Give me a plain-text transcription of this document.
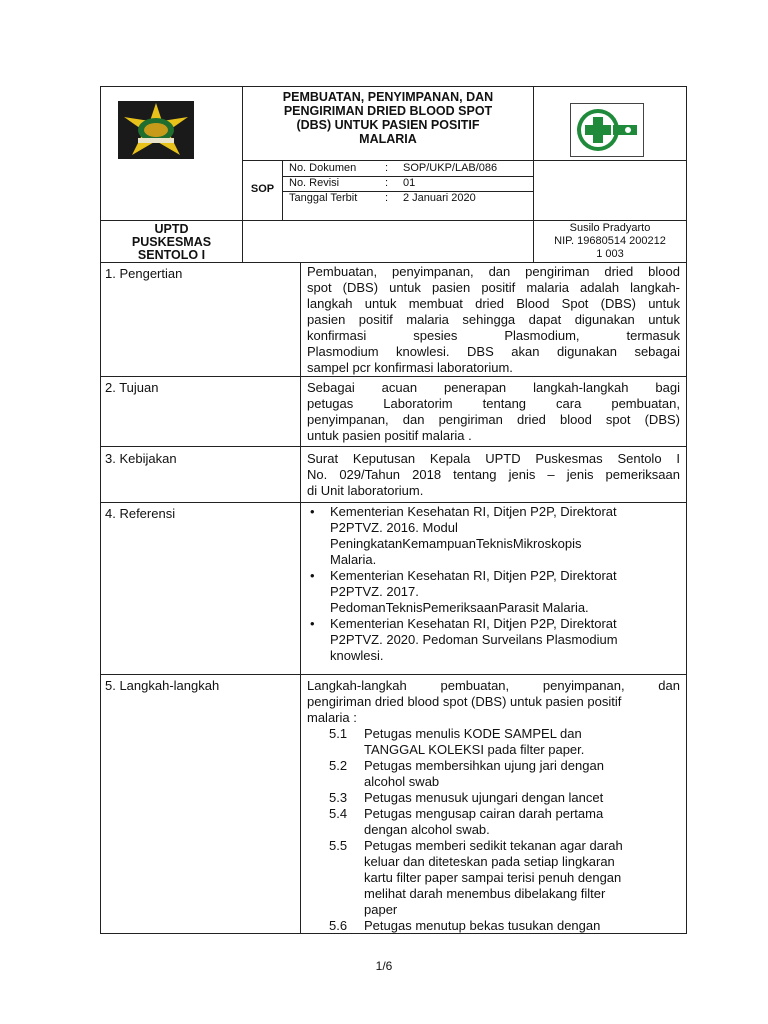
PEMBUATAN, PENYIMPANAN, DAN
PENGIRIMAN DRIED BLOOD SPOT
(DBS) UNTUK PASIEN POSITIF
MALARIA
SOP
No. Dokumen	: SOP/UKP/LAB/086
No. Revisi	: 01
Tanggal Terbit	: 2 Januari 2020
UPTD
PUSKESMAS
SENTOLO I
Susilo Pradyarto
NIP. 19680514 200212
1 003
1. Pengertian	Pembuatan, penyimpanan, dan pengiriman dried blood
spot (DBS) untuk pasien positif malaria adalah langkah-
langkah untuk membuat dried Blood Spot (DBS) untuk
pasien positif malaria sehingga dapat digunakan untuk
konfirmasi spesies Plasmodium, termasuk
Plasmodium knowlesi. DBS akan digunakan sebagai
sampel pcr konfirmasi laboratorium.
2. Tujuan	Sebagai acuan penerapan langkah-langkah bagi
petugas Laboratorim tentang cara pembuatan,
penyimpanan, dan pengiriman dried blood spot (DBS)
untuk pasien positif malaria .
3. Kebijakan	Surat Keputusan Kepala UPTD Puskesmas Sentolo I
No. 029/Tahun 2018 tentang jenis – jenis pemeriksaan
di Unit laboratorium.
4. Referensi	• Kementerian Kesehatan RI, Ditjen P2P, Direktorat
P2PTVZ. 2016. Modul
PeningkatanKemampuanTeknisMikroskopis
Malaria.
• Kementerian Kesehatan RI, Ditjen P2P, Direktorat
P2PTVZ. 2017.
PedomanTeknisPemeriksaanParasit Malaria.
• Kementerian Kesehatan RI, Ditjen P2P, Direktorat
P2PTVZ. 2020. Pedoman Surveilans Plasmodium
knowlesi.
5. Langkah-langkah	Langkah-langkah pembuatan, penyimpanan, dan
pengiriman dried blood spot (DBS) untuk pasien positif
malaria :
5.1 Petugas menulis KODE SAMPEL dan
TANGGAL KOLEKSI pada filter paper.
5.2 Petugas membersihkan ujung jari dengan
alcohol swab
5.3 Petugas menusuk ujungari dengan lancet
5.4 Petugas mengusap cairan darah pertama
dengan alcohol swab.
5.5 Petugas memberi sedikit tekanan agar darah
keluar dan diteteskan pada setiap lingkaran
kartu filter paper sampai terisi penuh dengan
melihat darah menembus dibelakang filter
paper
5.6 Petugas menutup bekas tusukan dengan
1/6
